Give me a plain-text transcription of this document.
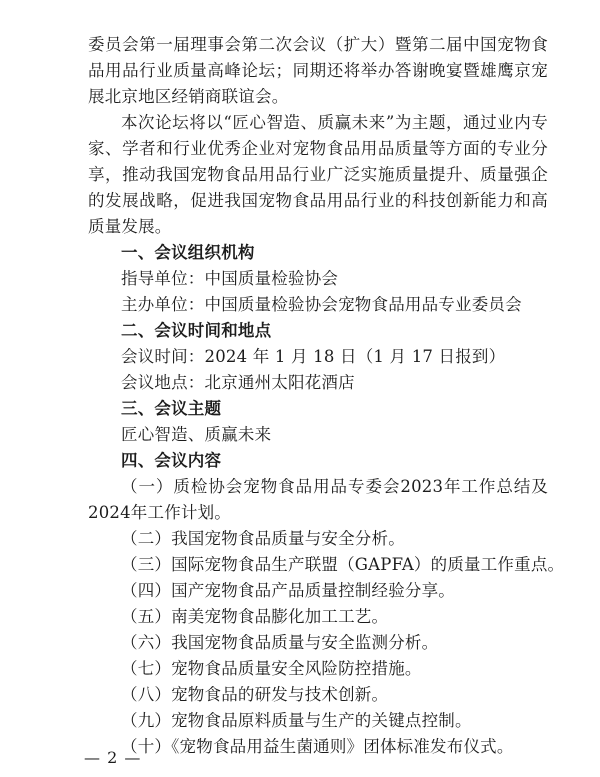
委员会第一届理事会第二次会议（扩大）暨第二届中国宠物食品用品行业质量高峰论坛；同期还将举办答谢晚宴暨雄鹰京宠展北京地区经销商联谊会。
本次论坛将以“匠心智造、质赢未来”为主题，通过业内专家、学者和行业优秀企业对宠物食品用品质量等方面的专业分享，推动我国宠物食品用品行业广泛实施质量提升、质量强企的发展战略，促进我国宠物食品用品行业的科技创新能力和高质量发展。
一、会议组织机构
指导单位：中国质量检验协会
主办单位：中国质量检验协会宠物食品用品专业委员会
二、会议时间和地点
会议时间：2024 年 1 月 18 日（1 月 17 日报到）
会议地点：北京通州太阳花酒店
三、会议主题
匠心智造、质赢未来
四、会议内容
（一）质检协会宠物食品用品专委会2023年工作总结及2024年工作计划。
（二）我国宠物食品质量与安全分析。
（三）国际宠物食品生产联盟（GAPFA）的质量工作重点。
（四）国产宠物食品产品质量控制经验分享。
（五）南美宠物食品膨化加工工艺。
（六）我国宠物食品质量与安全监测分析。
（七）宠物食品质量安全风险防控措施。
（八）宠物食品的研发与技术创新。
（九）宠物食品原料质量与生产的关键点控制。
（十）《宠物食品用益生菌通则》团体标准发布仪式。
— 2 —
